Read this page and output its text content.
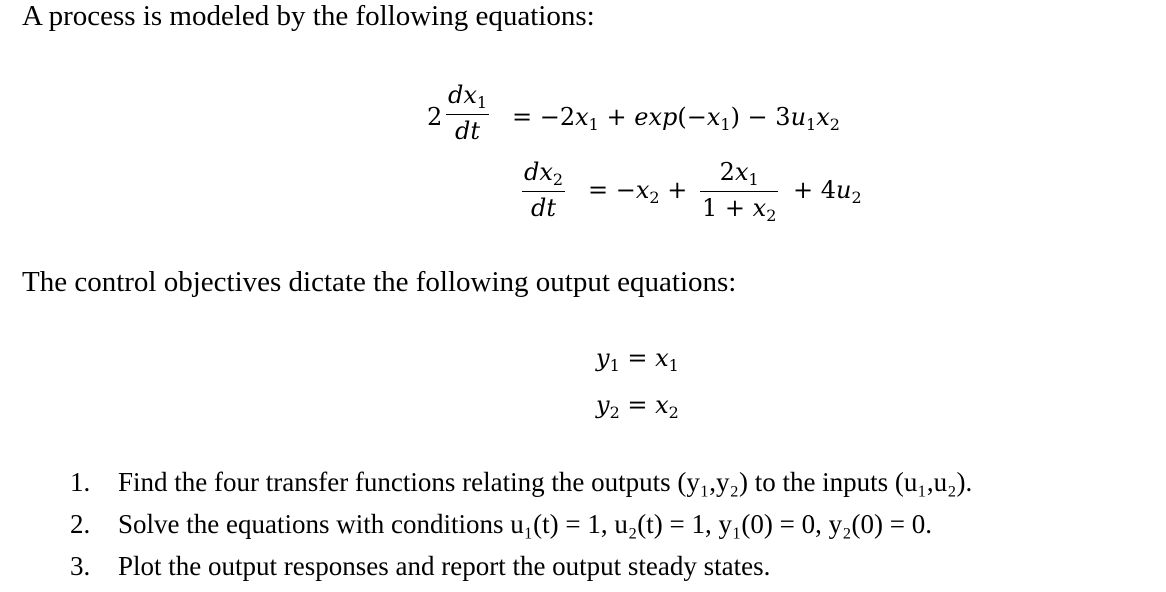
A process is modeled by the following equations:
2
$dx_1$
dt = $-2x_1 + \exp(-x_1) - 3u_1x_2$
$dx_2$
dt
= $-x_2$ +
$2x_1$
$1 + x_2$
+ $4u_2$
The control objectives dictate the following output equations:
$y_1 = x_1$
$y_2 = x_2$
1. Find the four transfer functions relating the outputs (y₁,y₂) to the inputs (u₁,u₂).
2. Solve the equations with conditions u₁(t) = 1, u₂(t) = 1, y₁(0) = 0, y₂(0) = 0.
3. Plot the output responses and report the output steady states.
